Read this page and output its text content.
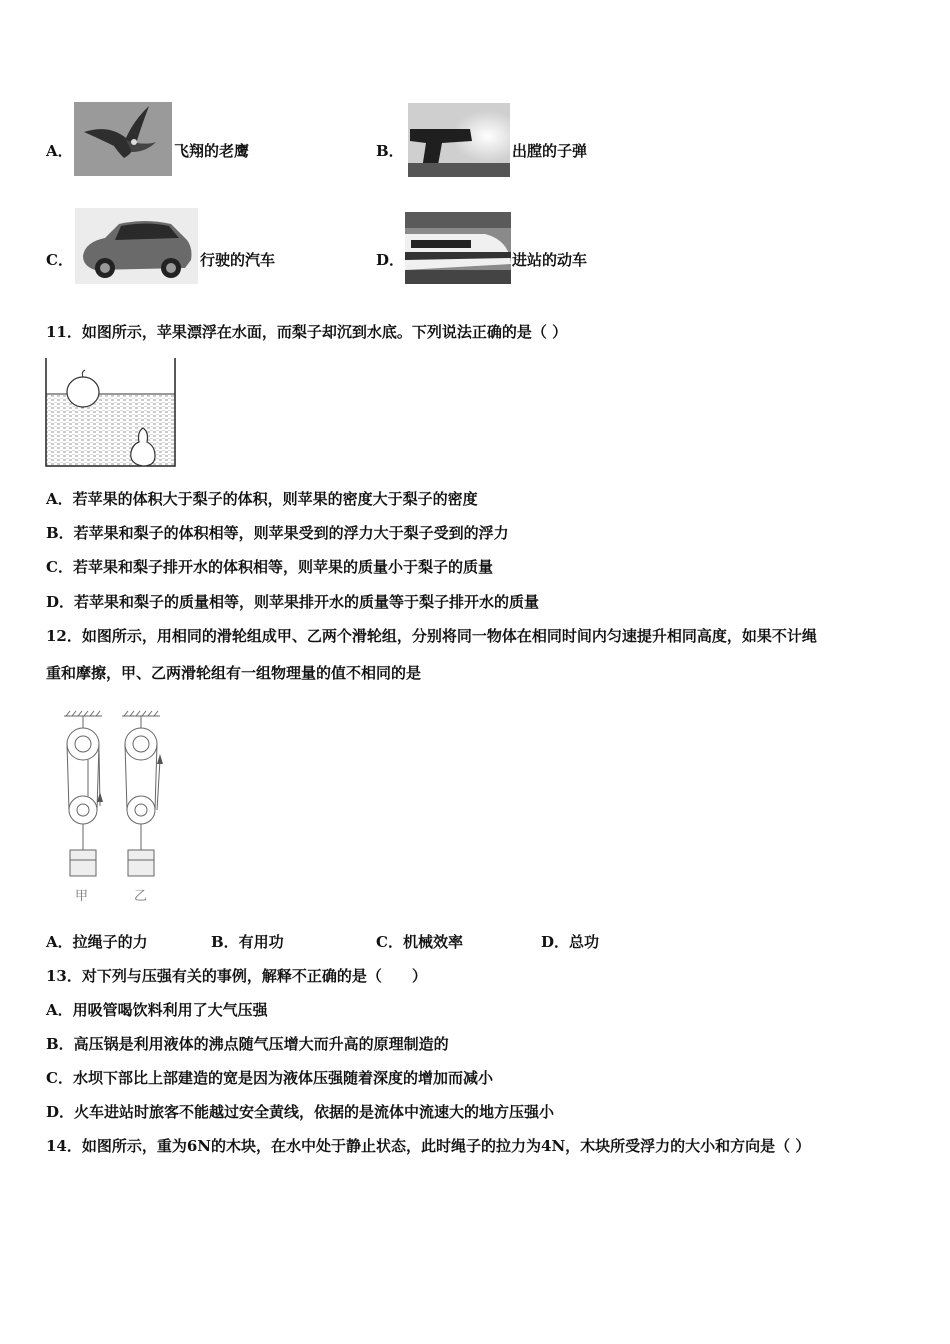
A．	飞翔的老鹰	B．	出膛的子弹
C．	行驶的汽车	D．	进站的动车
11．如图所示，苹果漂浮在水面，而梨子却沉到水底。下列说法正确的是（ ）
A．若苹果的体积大于梨子的体积，则苹果的密度大于梨子的密度
B．若苹果和梨子的体积相等，则苹果受到的浮力大于梨子受到的浮力
C．若苹果和梨子排开水的体积相等，则苹果的质量小于梨子的质量
D．若苹果和梨子的质量相等，则苹果排开水的质量等于梨子排开水的质量
12．如图所示，用相同的滑轮组成甲、乙两个滑轮组，分别将同一物体在相同时间内匀速提升相同高度，如果不计绳
重和摩擦，甲、乙两滑轮组有一组物理量的值不相同的是
甲	乙
A．拉绳子的力	B．有用功	C．机械效率	D．总功
13．对下列与压强有关的事例，解释不正确的是（　　）
A．用吸管喝饮料利用了大气压强
B．高压锅是利用液体的沸点随气压增大而升高的原理制造的
C．水坝下部比上部建造的宽是因为液体压强随着深度的增加而减小
D．火车进站时旅客不能越过安全黄线，依据的是流体中流速大的地方压强小
14．如图所示，重为6N的木块，在水中处于静止状态，此时绳子的拉力为4N，木块所受浮力的大小和方向是（ ）
